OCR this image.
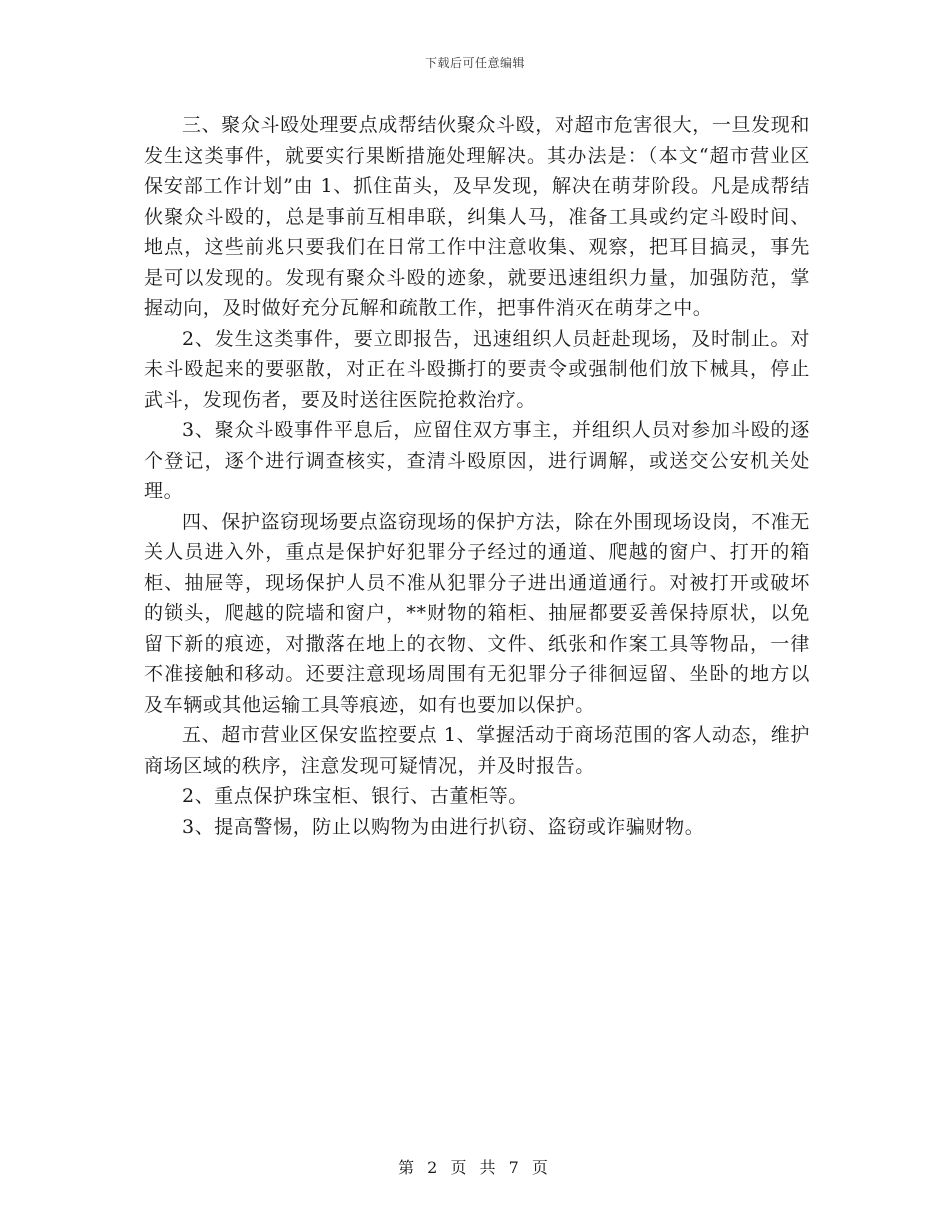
下载后可任意编辑

三、聚众斗殴处理要点成帮结伙聚众斗殴，对超市危害很大，一旦发现和发生这类事件，就要实行果断措施处理解决。其办法是：（本文“超市营业区保安部工作计划”由 1、抓住苗头，及早发现，解决在萌芽阶段。凡是成帮结伙聚众斗殴的，总是事前互相串联，纠集人马，准备工具或约定斗殴时间、地点，这些前兆只要我们在日常工作中注意收集、观察，把耳目搞灵，事先是可以发现的。发现有聚众斗殴的迹象，就要迅速组织力量，加强防范，掌握动向，及时做好充分瓦解和疏散工作，把事件消灭在萌芽之中。

2、发生这类事件，要立即报告，迅速组织人员赶赴现场，及时制止。对未斗殴起来的要驱散，对正在斗殴撕打的要责令或强制他们放下械具，停止武斗，发现伤者，要及时送往医院抢救治疗。

3、聚众斗殴事件平息后，应留住双方事主，并组织人员对参加斗殴的逐个登记，逐个进行调查核实，查清斗殴原因，进行调解，或送交公安机关处理。

四、保护盗窃现场要点盗窃现场的保护方法，除在外围现场设岗，不准无关人员进入外，重点是保护好犯罪分子经过的通道、爬越的窗户、打开的箱柜、抽屉等，现场保护人员不准从犯罪分子进出通道通行。对被打开或破坏的锁头，爬越的院墙和窗户，**财物的箱柜、抽屉都要妥善保持原状，以免留下新的痕迹，对撒落在地上的衣物、文件、纸张和作案工具等物品，一律不准接触和移动。还要注意现场周围有无犯罪分子徘徊逗留、坐卧的地方以及车辆或其他运输工具等痕迹，如有也要加以保护。

五、超市营业区保安监控要点 1、掌握活动于商场范围的客人动态，维护商场区域的秩序，注意发现可疑情况，并及时报告。

2、重点保护珠宝柜、银行、古董柜等。

3、提高警惕，防止以购物为由进行扒窃、盗窃或诈骗财物。

第 2 页 共 7 页
